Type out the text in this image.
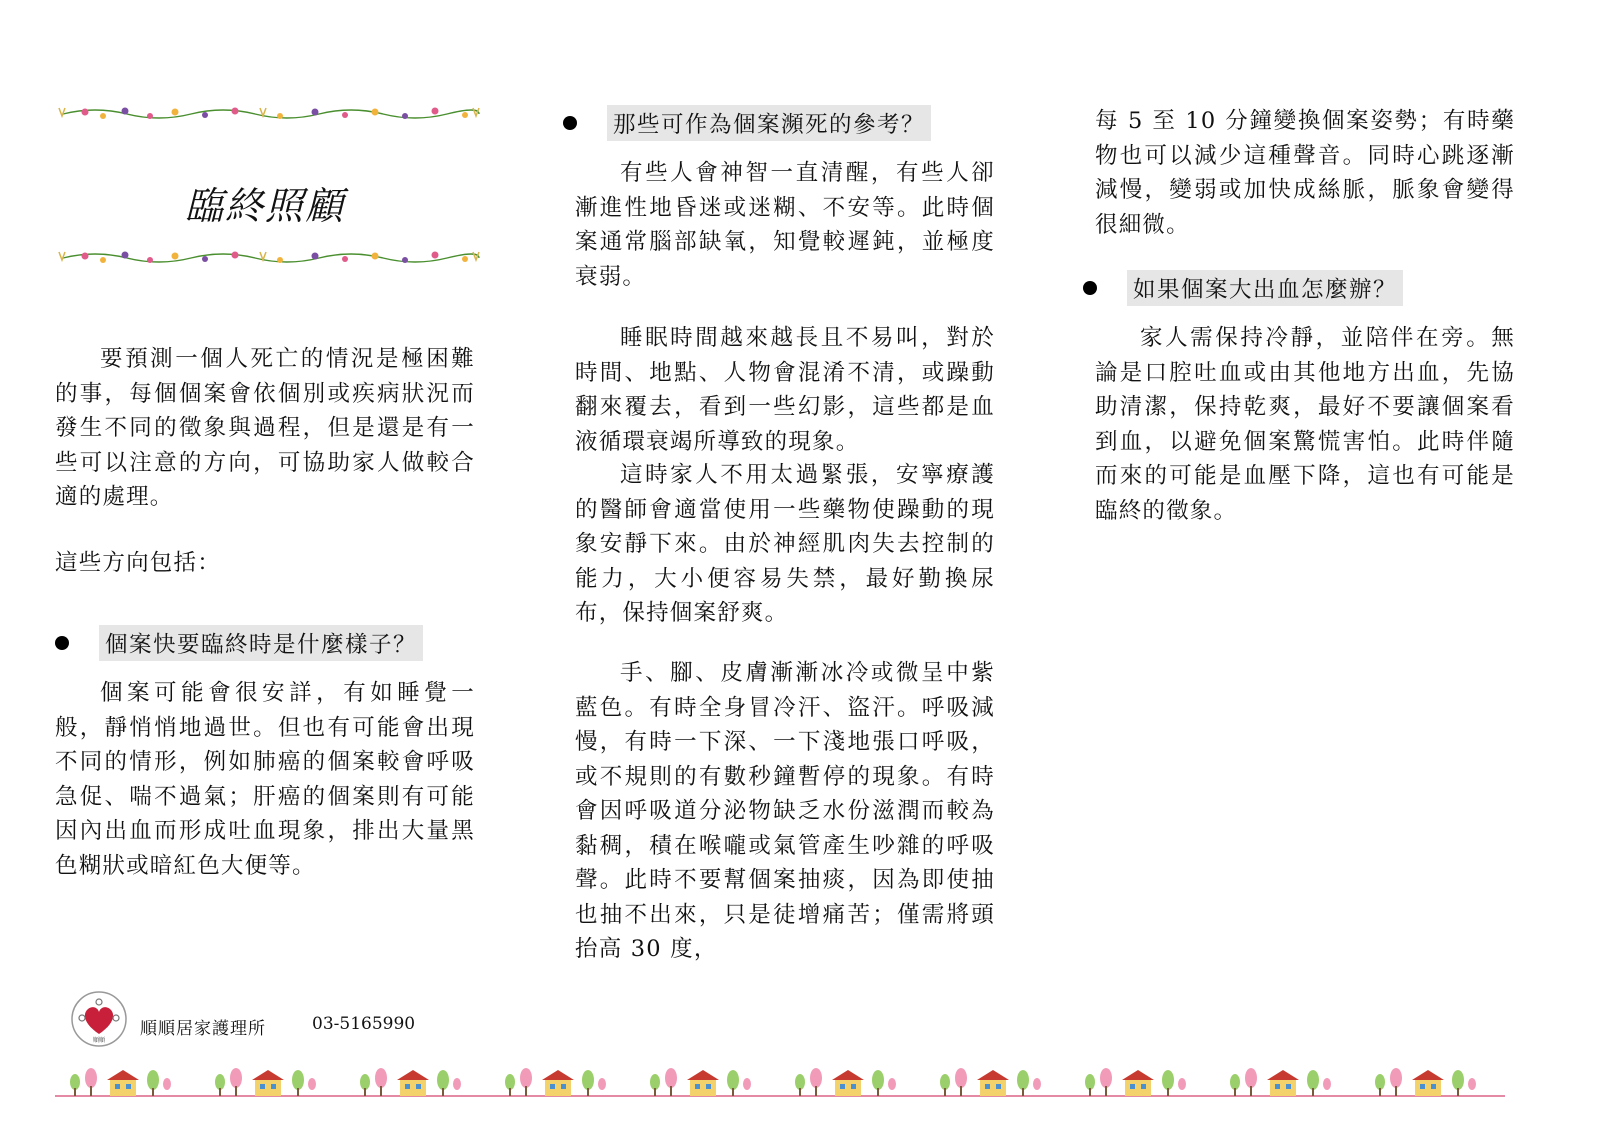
臨終照顧

要預測一個人死亡的情況是極困難的事，每個個案會依個別或疾病狀況而發生不同的徵象與過程，但是還是有一些可以注意的方向，可協助家人做較合適的處理。

這些方向包括：

個案快要臨終時是什麼樣子？

個案可能會很安詳，有如睡覺一般，靜悄悄地過世。但也有可能會出現不同的情形，例如肺癌的個案較會呼吸急促、喘不過氣；肝癌的個案則有可能因內出血而形成吐血現象，排出大量黑色糊狀或暗紅色大便等。

那些可作為個案瀕死的參考？

有些人會神智一直清醒，有些人卻漸進性地昏迷或迷糊、不安等。此時個案通常腦部缺氧，知覺較遲鈍，並極度衰弱。

睡眠時間越來越長且不易叫，對於時間、地點、人物會混淆不清，或躁動翻來覆去，看到一些幻影，這些都是血液循環衰竭所導致的現象。

這時家人不用太過緊張，安寧療護的醫師會適當使用一些藥物使躁動的現象安靜下來。由於神經肌肉失去控制的能力，大小便容易失禁，最好勤換尿布，保持個案舒爽。

手、腳、皮膚漸漸冰冷或微呈中紫藍色。有時全身冒冷汗、盜汗。呼吸減慢，有時一下深、一下淺地張口呼吸，或不規則的有數秒鐘暫停的現象。有時會因呼吸道分泌物缺乏水份滋潤而較為黏稠，積在喉嚨或氣管產生吵雜的呼吸聲。此時不要幫個案抽痰，因為即使抽也抽不出來，只是徒增痛苦；僅需將頭抬高 30 度，

每 5 至 10 分鐘變換個案姿勢；有時藥物也可以減少這種聲音。同時心跳逐漸減慢，變弱或加快成絲脈，脈象會變得很細微。

如果個案大出血怎麼辦？

家人需保持冷靜，並陪伴在旁。無論是口腔吐血或由其他地方出血，先協助清潔，保持乾爽，最好不要讓個案看到血，以避免個案驚慌害怕。此時伴隨而來的可能是血壓下降，這也有可能是臨終的徵象。

順順
順順居家護理所	03-5165990
